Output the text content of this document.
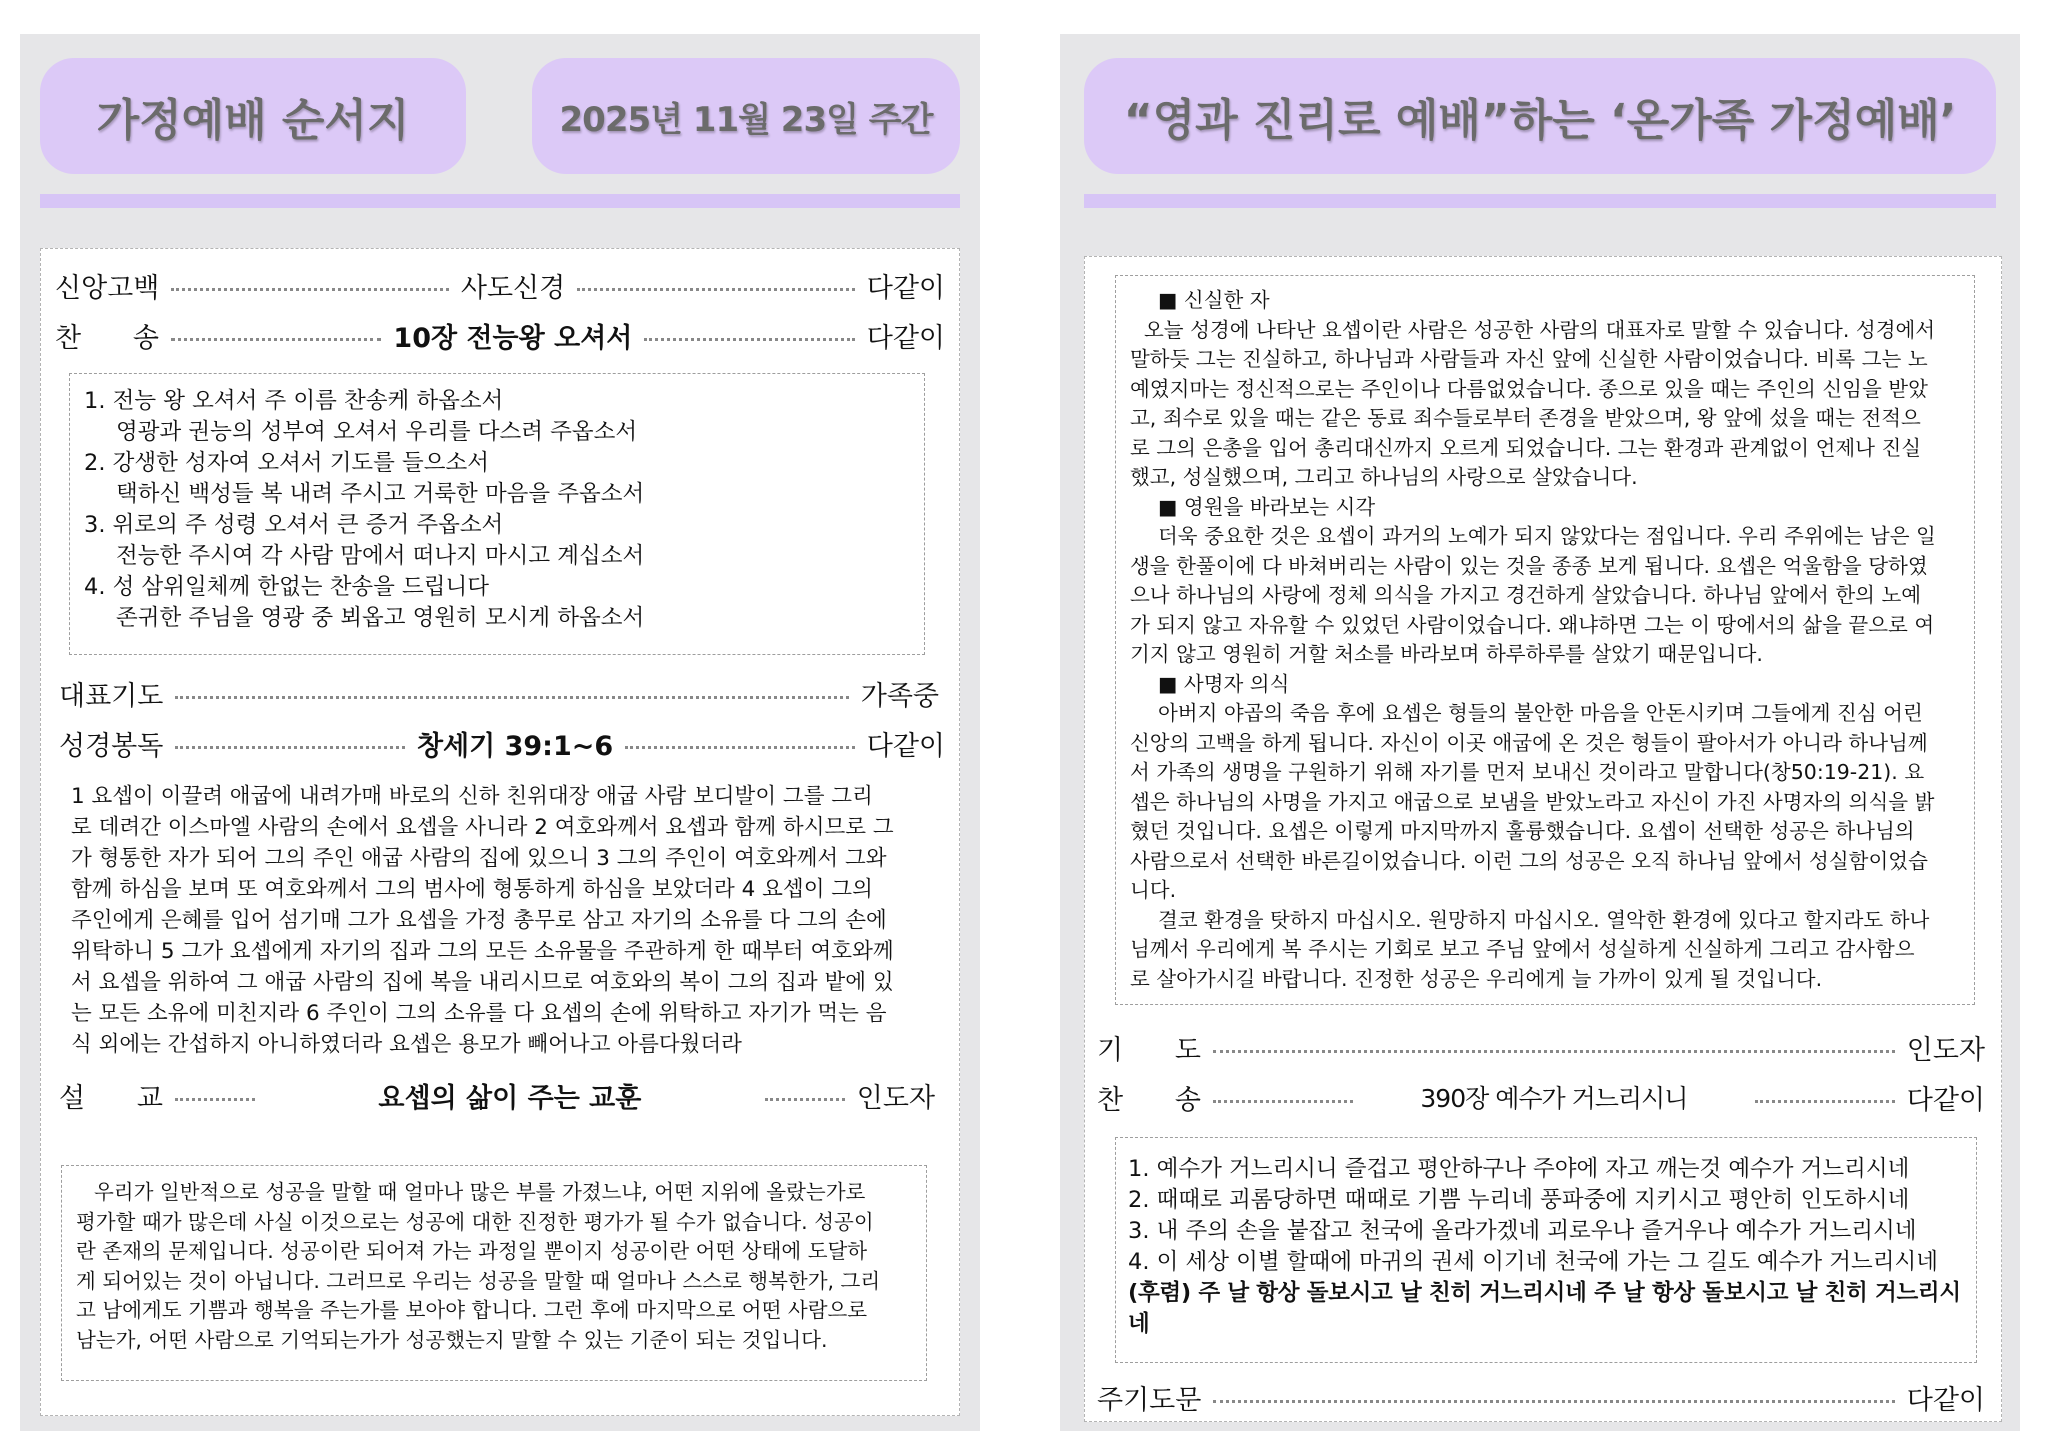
가정예배 순서지	2025년 11월 23일 주간
신앙고백	사도신경	다같이
찬 송	10장 전능왕 오셔서	다같이
1. 전능 왕 오셔서 주 이름 찬송케 하옵소서
영광과 권능의 성부여 오셔서 우리를 다스려 주옵소서
2. 강생한 성자여 오셔서 기도를 들으소서
택하신 백성들 복 내려 주시고 거룩한 마음을 주옵소서
3. 위로의 주 성령 오셔서 큰 증거 주옵소서
전능한 주시여 각 사람 맘에서 떠나지 마시고 계십소서
4. 성 삼위일체께 한없는 찬송을 드립니다
존귀한 주님을 영광 중 뵈옵고 영원히 모시게 하옵소서
대표기도	가족중
성경봉독	창세기 39:1~6	다같이
1 요셉이 이끌려 애굽에 내려가매 바로의 신하 친위대장 애굽 사람 보디발이 그를 그리
로 데려간 이스마엘 사람의 손에서 요셉을 사니라 2 여호와께서 요셉과 함께 하시므로 그
가 형통한 자가 되어 그의 주인 애굽 사람의 집에 있으니 3 그의 주인이 여호와께서 그와
함께 하심을 보며 또 여호와께서 그의 범사에 형통하게 하심을 보았더라 4 요셉이 그의
주인에게 은혜를 입어 섬기매 그가 요셉을 가정 총무로 삼고 자기의 소유를 다 그의 손에
위탁하니 5 그가 요셉에게 자기의 집과 그의 모든 소유물을 주관하게 한 때부터 여호와께
서 요셉을 위하여 그 애굽 사람의 집에 복을 내리시므로 여호와의 복이 그의 집과 밭에 있
는 모든 소유에 미친지라 6 주인이 그의 소유를 다 요셉의 손에 위탁하고 자기가 먹는 음
식 외에는 간섭하지 아니하였더라 요셉은 용모가 빼어나고 아름다웠더라
설 교	요셉의 삶이 주는 교훈	인도자
우리가 일반적으로 성공을 말할 때 얼마나 많은 부를 가졌느냐, 어떤 지위에 올랐는가로
평가할 때가 많은데 사실 이것으로는 성공에 대한 진정한 평가가 될 수가 없습니다. 성공이
란 존재의 문제입니다. 성공이란 되어져 가는 과정일 뿐이지 성공이란 어떤 상태에 도달하
게 되어있는 것이 아닙니다. 그러므로 우리는 성공을 말할 때 얼마나 스스로 행복한가, 그리
고 남에게도 기쁨과 행복을 주는가를 보아야 합니다. 그런 후에 마지막으로 어떤 사람으로
남는가, 어떤 사람으로 기억되는가가 성공했는지 말할 수 있는 기준이 되는 것입니다.
“영과 진리로 예배”하는 ‘온가족 가정예배’
■ 신실한 자
오늘 성경에 나타난 요셉이란 사람은 성공한 사람의 대표자로 말할 수 있습니다. 성경에서
말하듯 그는 진실하고, 하나님과 사람들과 자신 앞에 신실한 사람이었습니다. 비록 그는 노
예였지마는 정신적으로는 주인이나 다름없었습니다. 종으로 있을 때는 주인의 신임을 받았
고, 죄수로 있을 때는 같은 동료 죄수들로부터 존경을 받았으며, 왕 앞에 섰을 때는 전적으
로 그의 은총을 입어 총리대신까지 오르게 되었습니다. 그는 환경과 관계없이 언제나 진실
했고, 성실했으며, 그리고 하나님의 사랑으로 살았습니다.
■ 영원을 바라보는 시각
더욱 중요한 것은 요셉이 과거의 노예가 되지 않았다는 점입니다. 우리 주위에는 남은 일
생을 한풀이에 다 바쳐버리는 사람이 있는 것을 종종 보게 됩니다. 요셉은 억울함을 당하였
으나 하나님의 사랑에 정체 의식을 가지고 경건하게 살았습니다. 하나님 앞에서 한의 노예
가 되지 않고 자유할 수 있었던 사람이었습니다. 왜냐하면 그는 이 땅에서의 삶을 끝으로 여
기지 않고 영원히 거할 처소를 바라보며 하루하루를 살았기 때문입니다.
■ 사명자 의식
아버지 야곱의 죽음 후에 요셉은 형들의 불안한 마음을 안돈시키며 그들에게 진심 어린
신앙의 고백을 하게 됩니다. 자신이 이곳 애굽에 온 것은 형들이 팔아서가 아니라 하나님께
서 가족의 생명을 구원하기 위해 자기를 먼저 보내신 것이라고 말합니다(창50:19-21). 요
셉은 하나님의 사명을 가지고 애굽으로 보냄을 받았노라고 자신이 가진 사명자의 의식을 밝
혔던 것입니다. 요셉은 이렇게 마지막까지 훌륭했습니다. 요셉이 선택한 성공은 하나님의
사람으로서 선택한 바른길이었습니다. 이런 그의 성공은 오직 하나님 앞에서 성실함이었습
니다.
결코 환경을 탓하지 마십시오. 원망하지 마십시오. 열악한 환경에 있다고 할지라도 하나
님께서 우리에게 복 주시는 기회로 보고 주님 앞에서 성실하게 신실하게 그리고 감사함으
로 살아가시길 바랍니다. 진정한 성공은 우리에게 늘 가까이 있게 될 것입니다.
기 도	인도자
찬 송	390장 예수가 거느리시니	다같이
1. 예수가 거느리시니 즐겁고 평안하구나 주야에 자고 깨는것 예수가 거느리시네
2. 때때로 괴롬당하면 때때로 기쁨 누리네 풍파중에 지키시고 평안히 인도하시네
3. 내 주의 손을 붙잡고 천국에 올라가겠네 괴로우나 즐거우나 예수가 거느리시네
4. 이 세상 이별 할때에 마귀의 권세 이기네 천국에 가는 그 길도 예수가 거느리시네
(후렴) 주 날 항상 돌보시고 날 친히 거느리시네 주 날 항상 돌보시고 날 친히 거느리시네
주기도문	다같이
